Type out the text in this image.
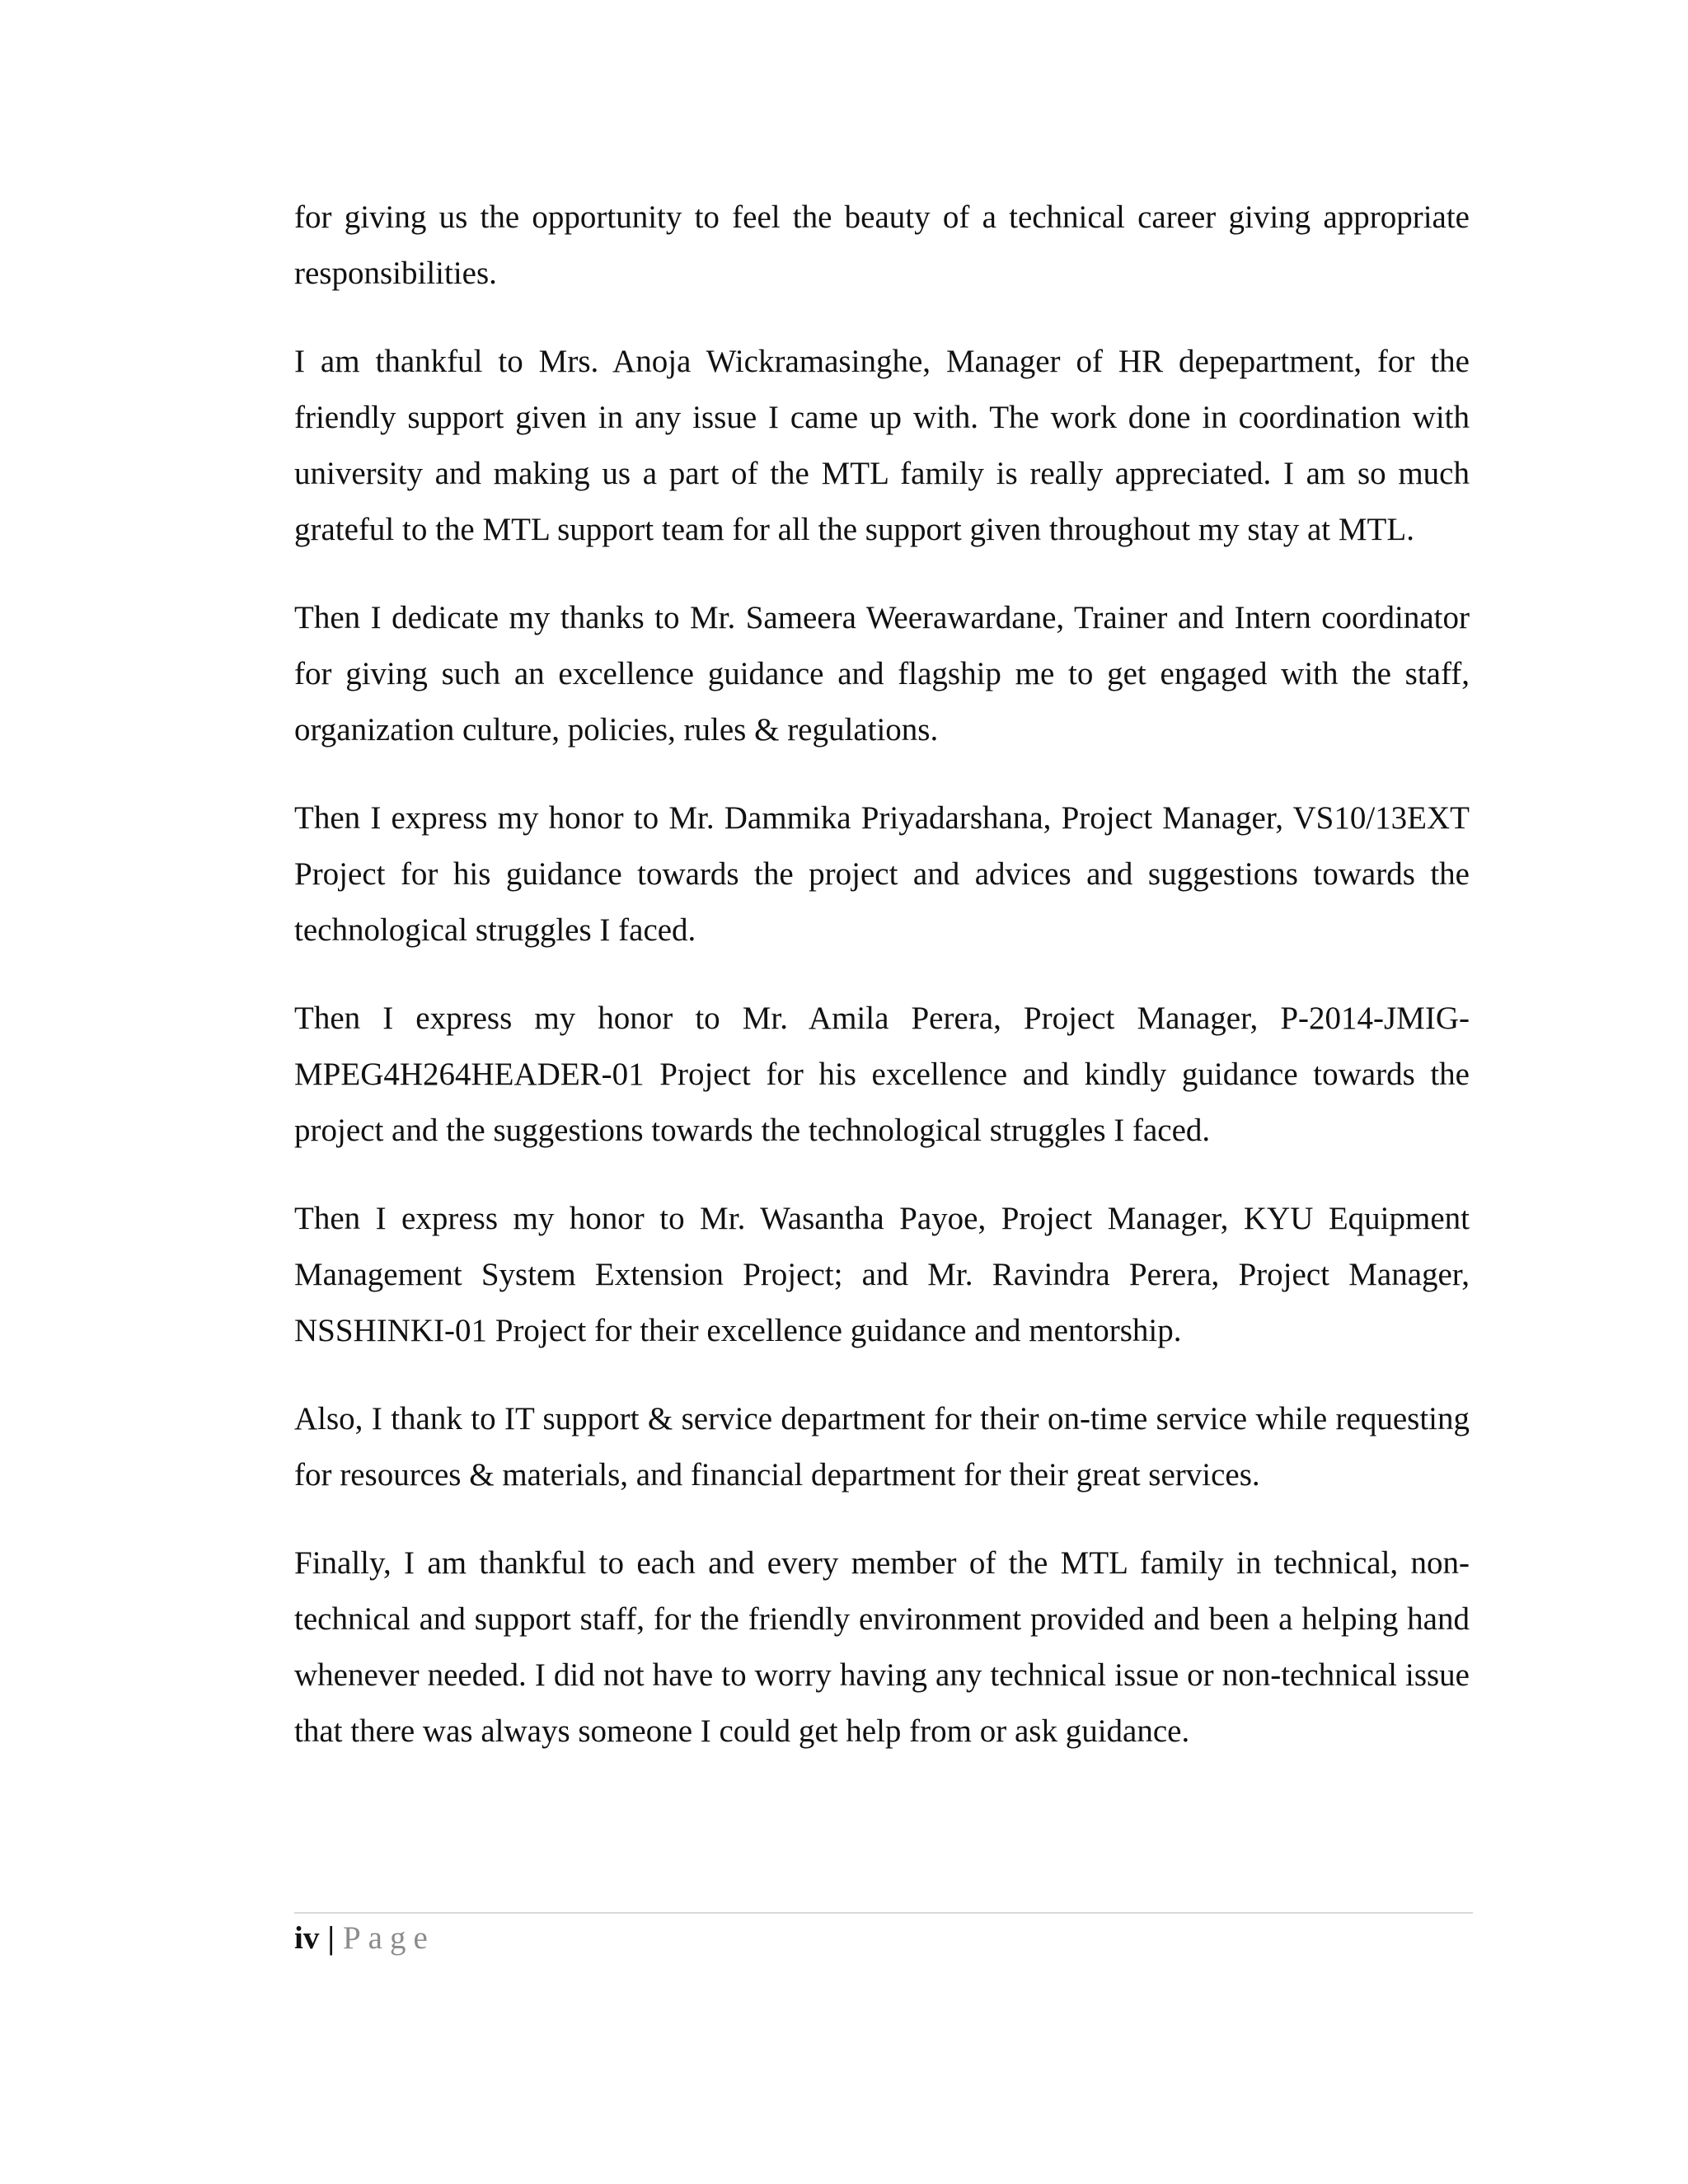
for giving us the opportunity to feel the beauty of a technical career giving appropriate responsibilities.

I am thankful to Mrs. Anoja Wickramasinghe, Manager of HR depepartment, for the friendly support given in any issue I came up with. The work done in coordination with university and making us a part of the MTL family is really appreciated. I am so much grateful to the MTL support team for all the support given throughout my stay at MTL.

Then I dedicate my thanks to Mr. Sameera Weerawardane, Trainer and Intern coordinator for giving such an excellence guidance and flagship me to get engaged with the staff, organization culture, policies, rules & regulations.

Then I express my honor to Mr. Dammika Priyadarshana, Project Manager, VS10/13EXT Project for his guidance towards the project and advices and suggestions towards the technological struggles I faced.

Then I express my honor to Mr. Amila Perera, Project Manager, P-2014-JMIG-MPEG4H264HEADER-01 Project for his excellence and kindly guidance towards the project and the suggestions towards the technological struggles I faced.

Then I express my honor to Mr. Wasantha Payoe, Project Manager, KYU Equipment Management System Extension Project; and Mr. Ravindra Perera, Project Manager, NSSHINKI-01 Project for their excellence guidance and mentorship.

Also, I thank to IT support & service department for their on-time service while requesting for resources & materials, and financial department for their great services.

Finally, I am thankful to each and every member of the MTL family in technical, non-technical and support staff, for the friendly environment provided and been a helping hand whenever needed. I did not have to worry having any technical issue or non-technical issue that there was always someone I could get help from or ask guidance.

iv | Page
